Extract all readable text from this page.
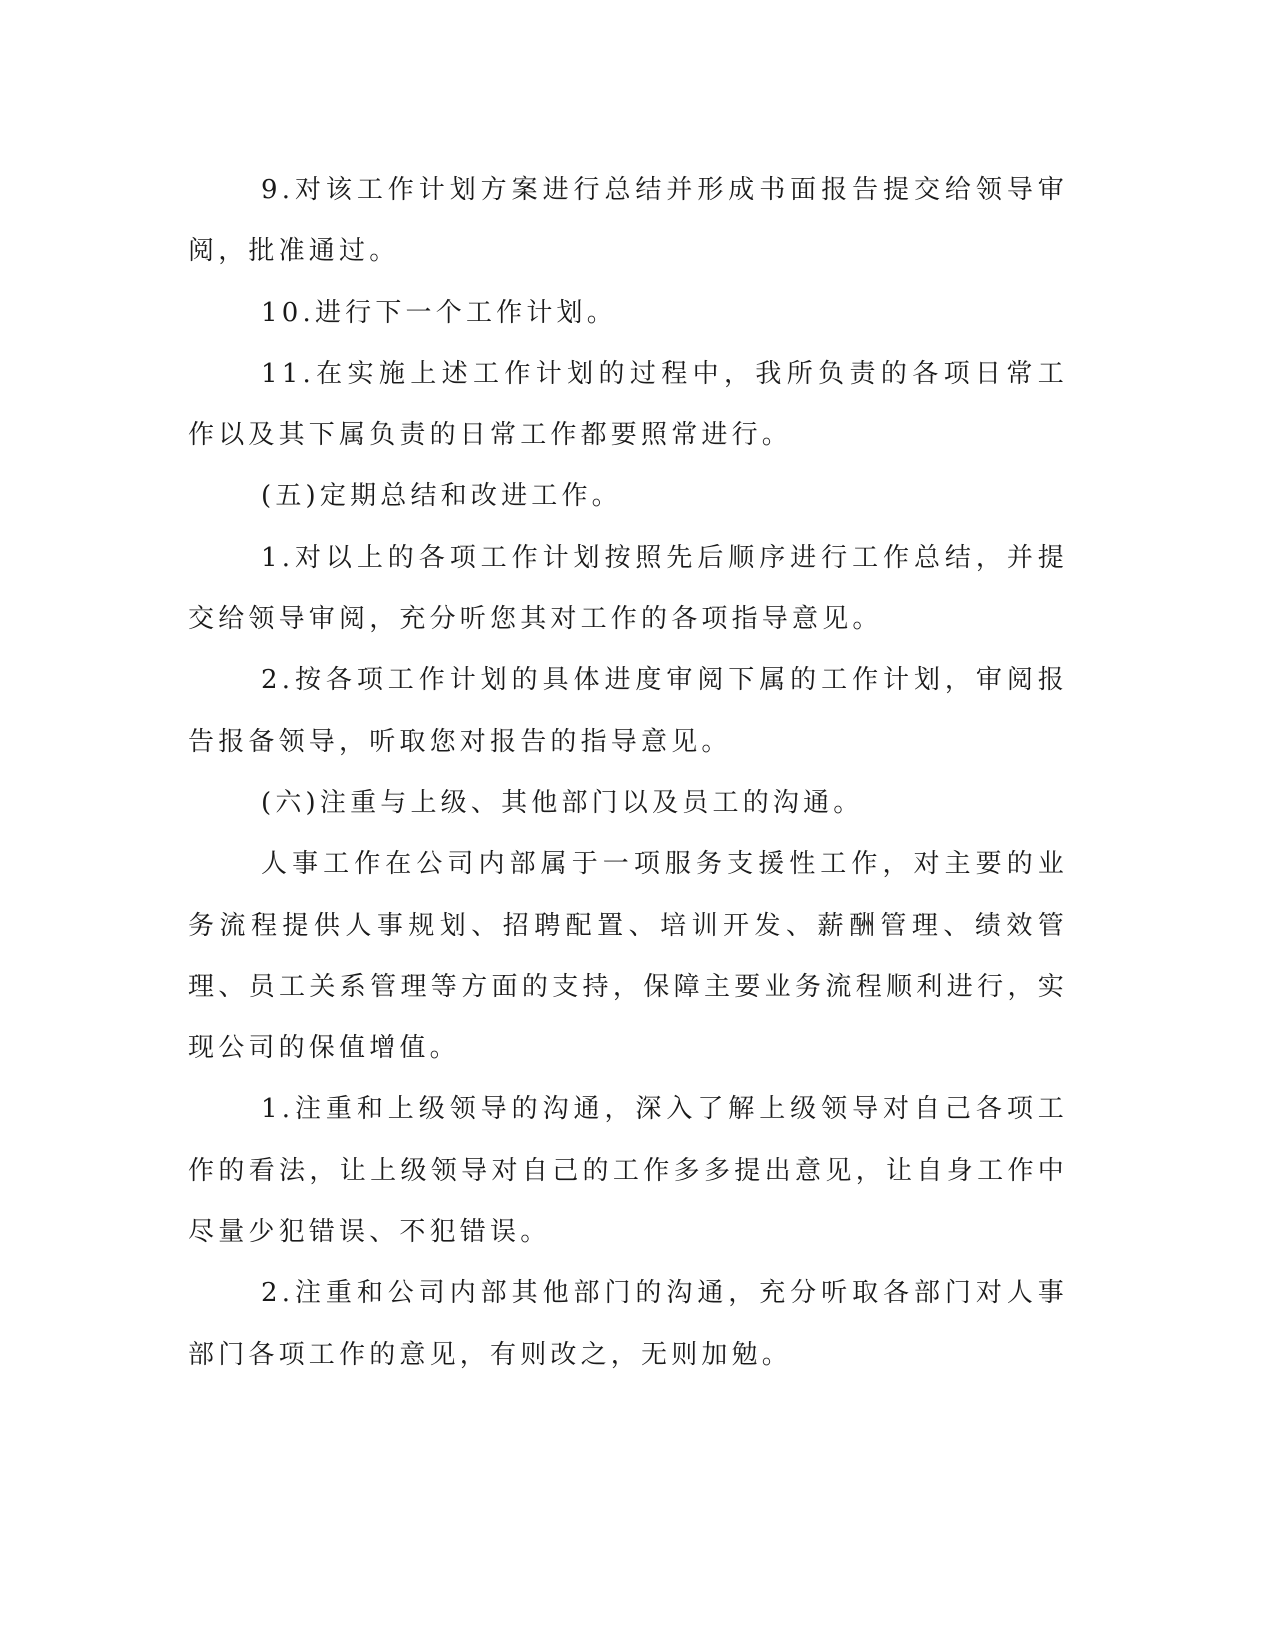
9.对该工作计划方案进行总结并形成书面报告提交给领导审阅，批准通过。

10.进行下一个工作计划。

11.在实施上述工作计划的过程中，我所负责的各项日常工作以及其下属负责的日常工作都要照常进行。

(五)定期总结和改进工作。

1.对以上的各项工作计划按照先后顺序进行工作总结，并提交给领导审阅，充分听您其对工作的各项指导意见。

2.按各项工作计划的具体进度审阅下属的工作计划，审阅报告报备领导，听取您对报告的指导意见。

(六)注重与上级、其他部门以及员工的沟通。

人事工作在公司内部属于一项服务支援性工作，对主要的业务流程提供人事规划、招聘配置、培训开发、薪酬管理、绩效管理、员工关系管理等方面的支持，保障主要业务流程顺利进行，实现公司的保值增值。

1.注重和上级领导的沟通，深入了解上级领导对自己各项工作的看法，让上级领导对自己的工作多多提出意见，让自身工作中尽量少犯错误、不犯错误。

2.注重和公司内部其他部门的沟通，充分听取各部门对人事部门各项工作的意见，有则改之，无则加勉。
